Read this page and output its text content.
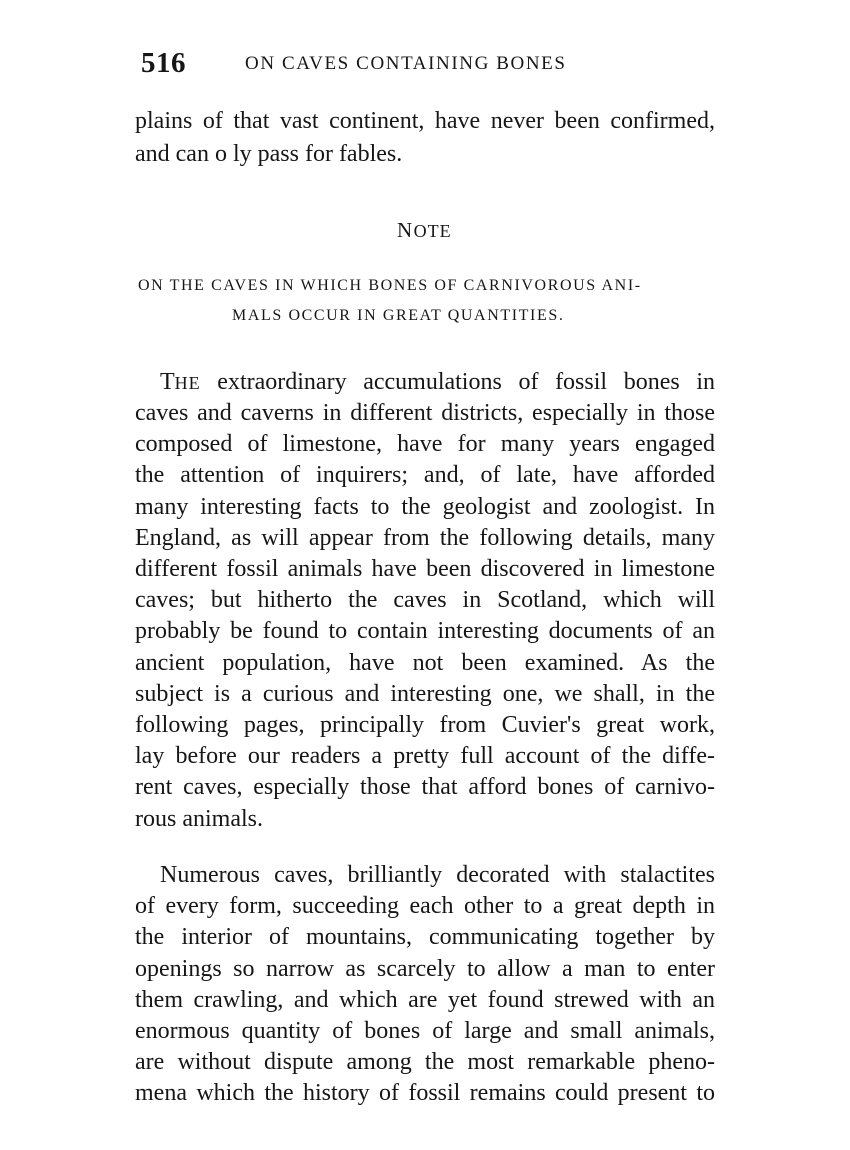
516	ON CAVES CONTAINING BONES
plains of that vast continent, have never been confirmed,
and can o ly pass for fables.
NOTE
ON THE CAVES IN WHICH BONES OF CARNIVOROUS ANI-
MALS OCCUR IN GREAT QUANTITIES.
THE extraordinary accumulations of fossil bones in
caves and caverns in different districts, especially in those
composed of limestone, have for many years engaged
the attention of inquirers; and, of late, have afforded
many interesting facts to the geologist and zoologist. In
England, as will appear from the following details, many
different fossil animals have been discovered in limestone
caves; but hitherto the caves in Scotland, which will
probably be found to contain interesting documents of an
ancient population, have not been examined. As the
subject is a curious and interesting one, we shall, in the
following pages, principally from Cuvier's great work,
lay before our readers a pretty full account of the diffe-
rent caves, especially those that afford bones of carnivo-
rous animals.
Numerous caves, brilliantly decorated with stalactites
of every form, succeeding each other to a great depth in
the interior of mountains, communicating together by
openings so narrow as scarcely to allow a man to enter
them crawling, and which are yet found strewed with an
enormous quantity of bones of large and small animals,
are without dispute among the most remarkable pheno-
mena which the history of fossil remains could present to
